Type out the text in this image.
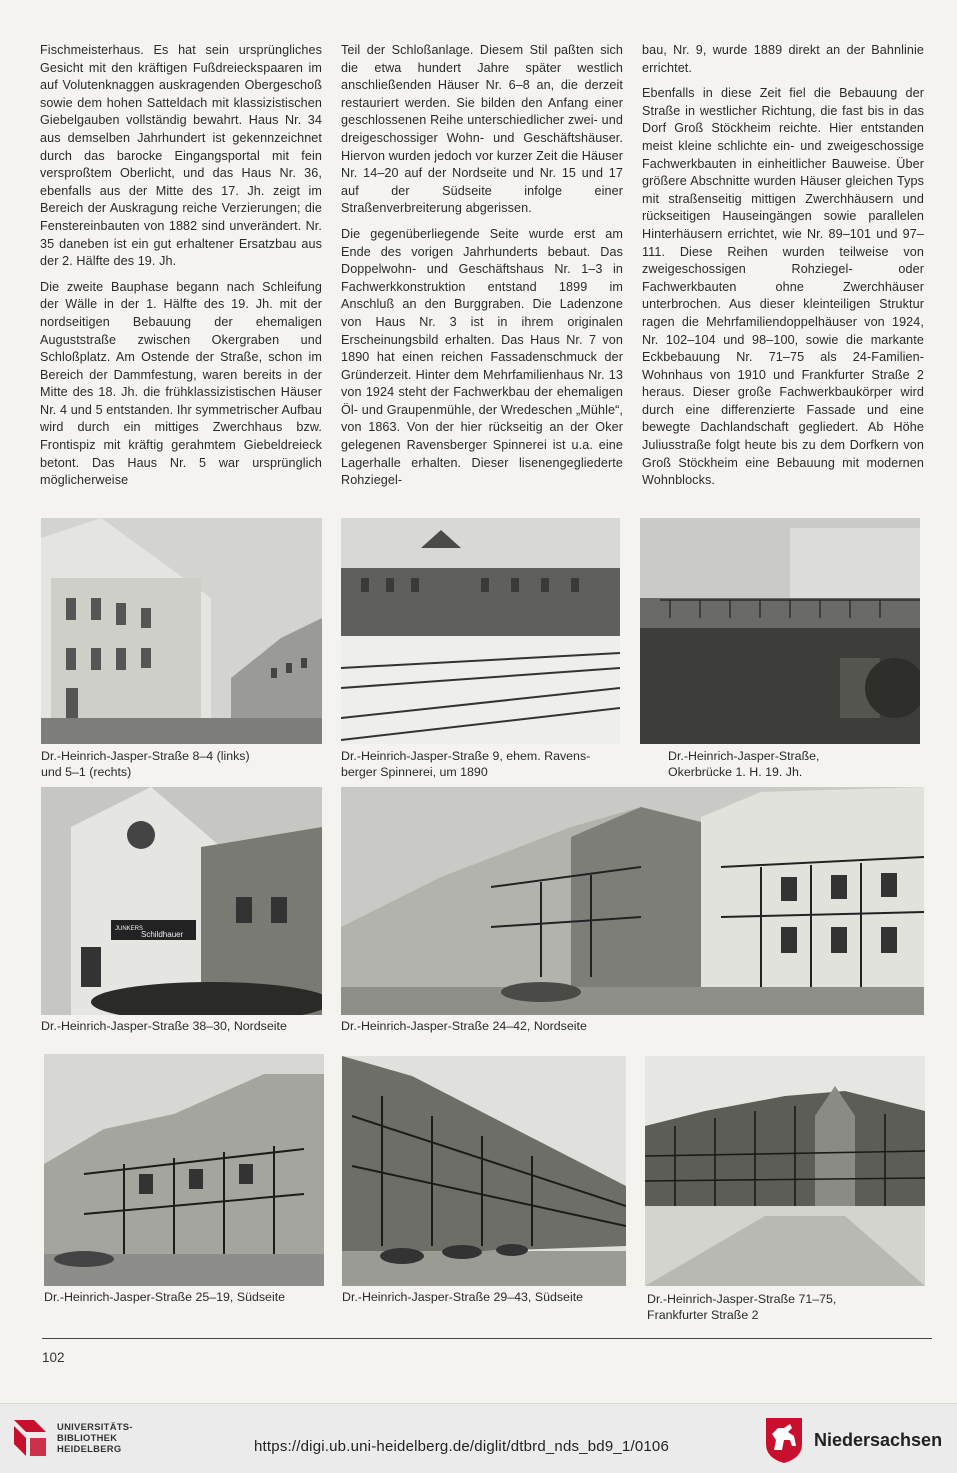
Fischmeisterhaus. Es hat sein ursprüngliches Gesicht mit den kräftigen Fußdreieckspaaren im auf Volutenknaggen auskragenden Obergeschoß sowie dem hohen Satteldach mit klassizistischen Giebelgauben vollständig bewahrt. Haus Nr. 34 aus demselben Jahrhundert ist gekennzeichnet durch das barocke Eingangsportal mit fein versproßtem Oberlicht, und das Haus Nr. 36, ebenfalls aus der Mitte des 17. Jh. zeigt im Bereich der Auskragung reiche Verzierungen; die Fenstereinbauten von 1882 sind unverändert. Nr. 35 daneben ist ein gut erhaltener Ersatzbau aus der 2. Hälfte des 19. Jh.

Die zweite Bauphase begann nach Schleifung der Wälle in der 1. Hälfte des 19. Jh. mit der nordseitigen Bebauung der ehemaligen Auguststraße zwischen Okergraben und Schloßplatz. Am Ostende der Straße, schon im Bereich der Dammfestung, waren bereits in der Mitte des 18. Jh. die frühklassizistischen Häuser Nr. 4 und 5 entstanden. Ihr symmetrischer Aufbau wird durch ein mittiges Zwerchhaus bzw. Frontispiz mit kräftig gerahmtem Giebeldreieck betont. Das Haus Nr. 5 war ursprünglich möglicherweise

Teil der Schloßanlage. Diesem Stil paßten sich die etwa hundert Jahre später westlich anschließenden Häuser Nr. 6–8 an, die derzeit restauriert werden. Sie bilden den Anfang einer geschlossenen Reihe unterschiedlicher zwei- und dreigeschossiger Wohn- und Geschäftshäuser. Hiervon wurden jedoch vor kurzer Zeit die Häuser Nr. 14–20 auf der Nordseite und Nr. 15 und 17 auf der Südseite infolge einer Straßenverbreiterung abgerissen.

Die gegenüberliegende Seite wurde erst am Ende des vorigen Jahrhunderts bebaut. Das Doppelwohn- und Geschäftshaus Nr. 1–3 in Fachwerkkonstruktion entstand 1899 im Anschluß an den Burggraben. Die Ladenzone von Haus Nr. 3 ist in ihrem originalen Erscheinungsbild erhalten. Das Haus Nr. 7 von 1890 hat einen reichen Fassadenschmuck der Gründerzeit. Hinter dem Mehrfamilienhaus Nr. 13 von 1924 steht der Fachwerkbau der ehemaligen Öl- und Graupenmühle, der Wredeschen „Mühle“, von 1863. Von der hier rückseitig an der Oker gelegenen Ravensberger Spinnerei ist u.a. eine Lagerhalle erhalten. Dieser lisenengegliederte Rohziegel-

bau, Nr. 9, wurde 1889 direkt an der Bahnlinie errichtet.

Ebenfalls in diese Zeit fiel die Bebauung der Straße in westlicher Richtung, die fast bis in das Dorf Groß Stöckheim reichte. Hier entstanden meist kleine schlichte ein- und zweigeschossige Fachwerkbauten in einheitlicher Bauweise. Über größere Abschnitte wurden Häuser gleichen Typs mit straßenseitig mittigen Zwerchhäusern und rückseitigen Hauseingängen sowie parallelen Hinterhäusern errichtet, wie Nr. 89–101 und 97–111. Diese Reihen wurden teilweise von zweigeschossigen Rohziegel- oder Fachwerkbauten ohne Zwerchhäuser unterbrochen. Aus dieser kleinteiligen Struktur ragen die Mehrfamiliendoppelhäuser von 1924, Nr. 102–104 und 98–100, sowie die markante Eckbebauung Nr. 71–75 als 24-Familien-Wohnhaus von 1910 und Frankfurter Straße 2 heraus. Dieser große Fachwerkbaukörper wird durch eine differenzierte Fassade und eine bewegte Dachlandschaft gegliedert. Ab Höhe Juliusstraße folgt heute bis zu dem Dorfkern von Groß Stöckheim eine Bebauung mit modernen Wohnblocks.

Dr.-Heinrich-Jasper-Straße 8–4 (links)
und 5–1 (rechts)
Dr.-Heinrich-Jasper-Straße 9, ehem. Ravens-
berger Spinnerei, um 1890
Dr.-Heinrich-Jasper-Straße,
Okerbrücke 1. H. 19. Jh.
JUNKERS
Schildhauer
Dr.-Heinrich-Jasper-Straße 38–30, Nordseite	Dr.-Heinrich-Jasper-Straße 24–42, Nordseite
Dr.-Heinrich-Jasper-Straße 25–19, Südseite	Dr.-Heinrich-Jasper-Straße 29–43, Südseite	Dr.-Heinrich-Jasper-Straße 71–75,
Frankfurter Straße 2
102
UNIVERSITÄTS-
BIBLIOTHEK
HEIDELBERG	https://digi.ub.uni-heidelberg.de/diglit/dtbrd_nds_bd9_1/0106	Niedersachsen
